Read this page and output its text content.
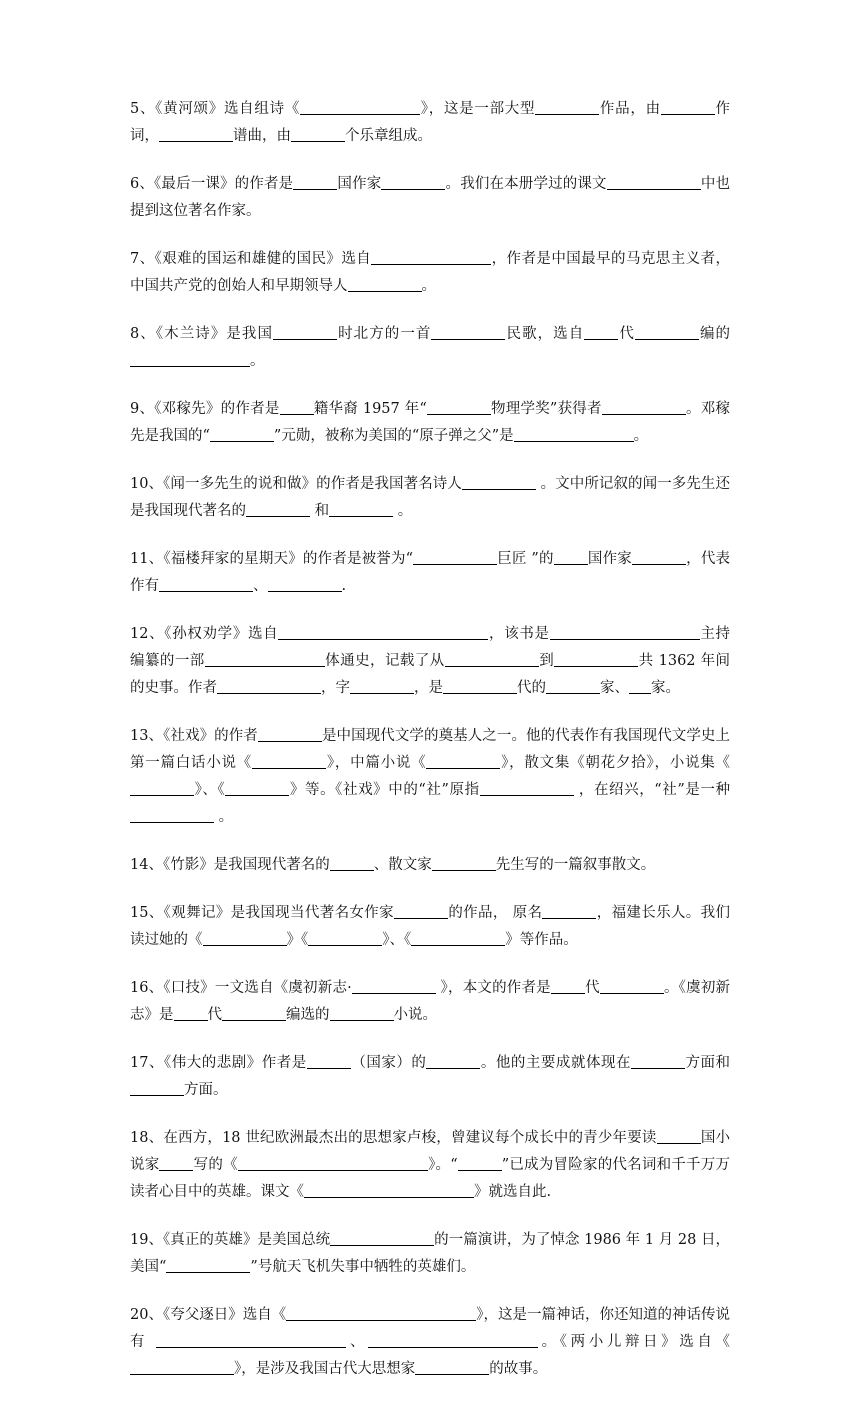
5、《黄河颂》选自组诗《	》，这是一部大型	作品，由	作词，	谱曲，由	个乐章组成。

6、《最后一课》的作者是	国作家	。我们在本册学过的课文	中也提到这位著名作家。

7、《艰难的国运和雄健的国民》选自	，作者是中国最早的马克思主义者，中国共产党的创始人和早期领导人	。

8、《木兰诗》是我国	时北方的一首	民歌，选自 代	编的。

9、《邓稼先》的作者是 籍华裔 1957 年“	物理学奖”获得者	。邓稼先是我国的“	”元勋，被称为美国的“原子弹之父”是	。

10、《闻一多先生的说和做》的作者是我国著名诗人	。文中所记叙的闻一多先生还是我国现代著名的	和	。

11、《福楼拜家的星期天》的作者是被誉为“	巨匠 ”的 国作家	，代表作有	、	.

12、《孙权劝学》选自	，该书是	主持编纂的一部	体通史，记载了从	到	共 1362 年间的史事。作者	，字	，是	代的	家、 家。

13、《社戏》的作者	是中国现代文学的奠基人之一。他的代表作有我国现代文学史上第一篇白话小说《	》，中篇小说《	》，散文集《朝花夕拾》，小说集《》、《	》等。《社戏》中的“社”原指	，在绍兴，“社”是一种 。

14、《竹影》是我国现代著名的	、散文家	先生写的一篇叙事散文。

15、《观舞记》是我国现当代著名女作家	的作品， 原名	，福建长乐人。我们读过她的《	》《	》、《	》等作品。

16、《口技》一文选自《虞初新志·	》，本文的作者是 代	。《虞初新志》是 代	编选的	小说。

17、《伟大的悲剧》作者是	（国家）的	。他的主要成就体现在	方面和方面。

18、在西方，18 世纪欧洲最杰出的思想家卢梭，曾建议每个成长中的青少年要读	国小说家 写的《	》。“	”已成为冒险家的代名词和千千万万读者心目中的英雄。课文《	》就选自此.

19、《真正的英雄》是美国总统	的一篇演讲，为了悼念 1986 年 1 月 28 日，美国“	”号航天飞机失事中牺牲的英雄们。

20、《夸父逐日》选自《	》，这是一篇神话，你还知道的神话传说有	、	。《两小儿辩日》选自《》，是涉及我国古代大思想家	的故事。
